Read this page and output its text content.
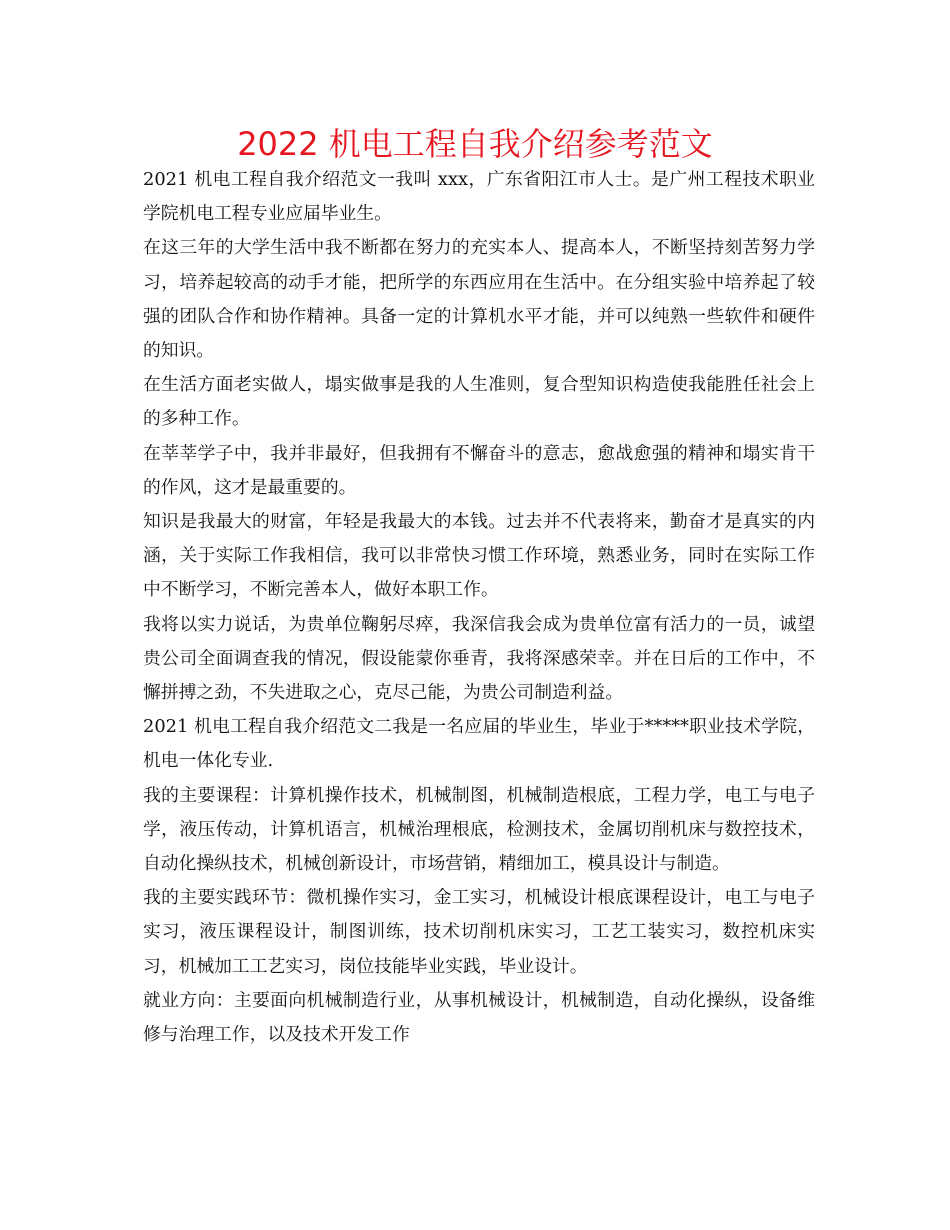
2022 机电工程自我介绍参考范文

2021 机电工程自我介绍范文一我叫 xxx，广东省阳江市人士。是广州工程技术职业学院机电工程专业应届毕业生。

在这三年的大学生活中我不断都在努力的充实本人、提高本人，不断坚持刻苦努力学习，培养起较高的动手才能，把所学的东西应用在生活中。在分组实验中培养起了较强的团队合作和协作精神。具备一定的计算机水平才能，并可以纯熟一些软件和硬件的知识。

在生活方面老实做人，塌实做事是我的人生准则，复合型知识构造使我能胜任社会上的多种工作。

在莘莘学子中，我并非最好，但我拥有不懈奋斗的意志，愈战愈强的精神和塌实肯干的作风，这才是最重要的。

知识是我最大的财富，年轻是我最大的本钱。过去并不代表将来，勤奋才是真实的内涵，关于实际工作我相信，我可以非常快习惯工作环境，熟悉业务，同时在实际工作中不断学习，不断完善本人，做好本职工作。

我将以实力说话，为贵单位鞠躬尽瘁，我深信我会成为贵单位富有活力的一员，诚望贵公司全面调查我的情况，假设能蒙你垂青，我将深感荣幸。并在日后的工作中，不懈拼搏之劲，不失进取之心，克尽己能，为贵公司制造利益。

2021 机电工程自我介绍范文二我是一名应届的毕业生，毕业于*****职业技术学院，机电一体化专业.

我的主要课程：计算机操作技术，机械制图，机械制造根底，工程力学，电工与电子学，液压传动，计算机语言，机械治理根底，检测技术，金属切削机床与数控技术，自动化操纵技术，机械创新设计，市场营销，精细加工，模具设计与制造。

我的主要实践环节：微机操作实习，金工实习，机械设计根底课程设计，电工与电子实习，液压课程设计，制图训练，技术切削机床实习，工艺工装实习，数控机床实习，机械加工工艺实习，岗位技能毕业实践，毕业设计。

就业方向：主要面向机械制造行业，从事机械设计，机械制造，自动化操纵，设备维修与治理工作，以及技术开发工作
